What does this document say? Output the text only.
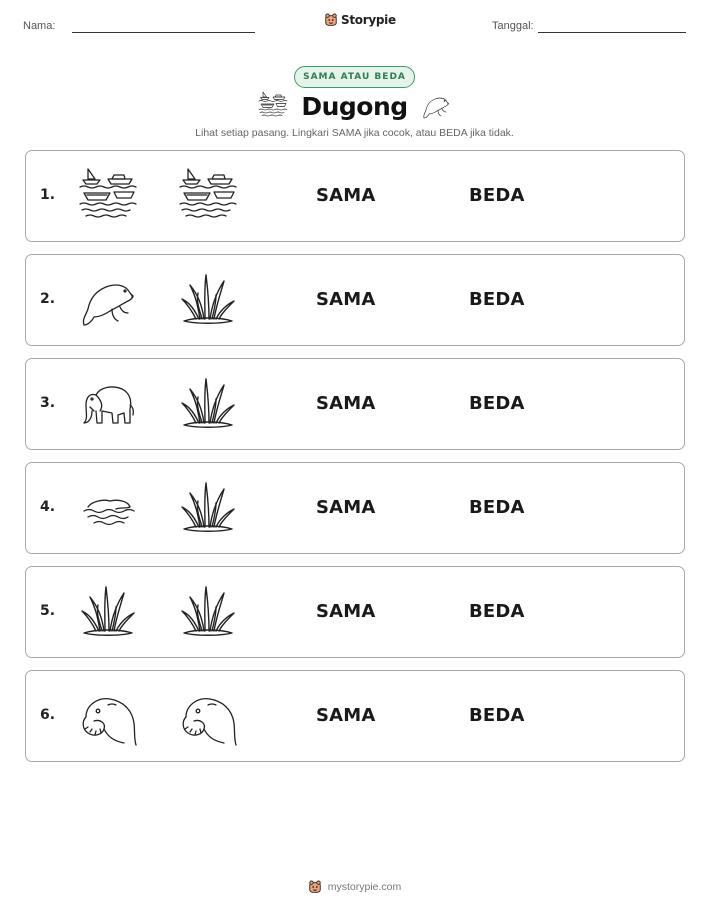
Nama:	Storypie	Tanggal:
SAMA ATAU BEDA
Dugong
Lihat setiap pasang. Lingkari SAMA jika cocok, atau BEDA jika tidak.
1.	SAMA	BEDA
2.	SAMA	BEDA
3.	SAMA	BEDA
4.	SAMA	BEDA
5.	SAMA	BEDA
6.	SAMA	BEDA
mystorypie.com
